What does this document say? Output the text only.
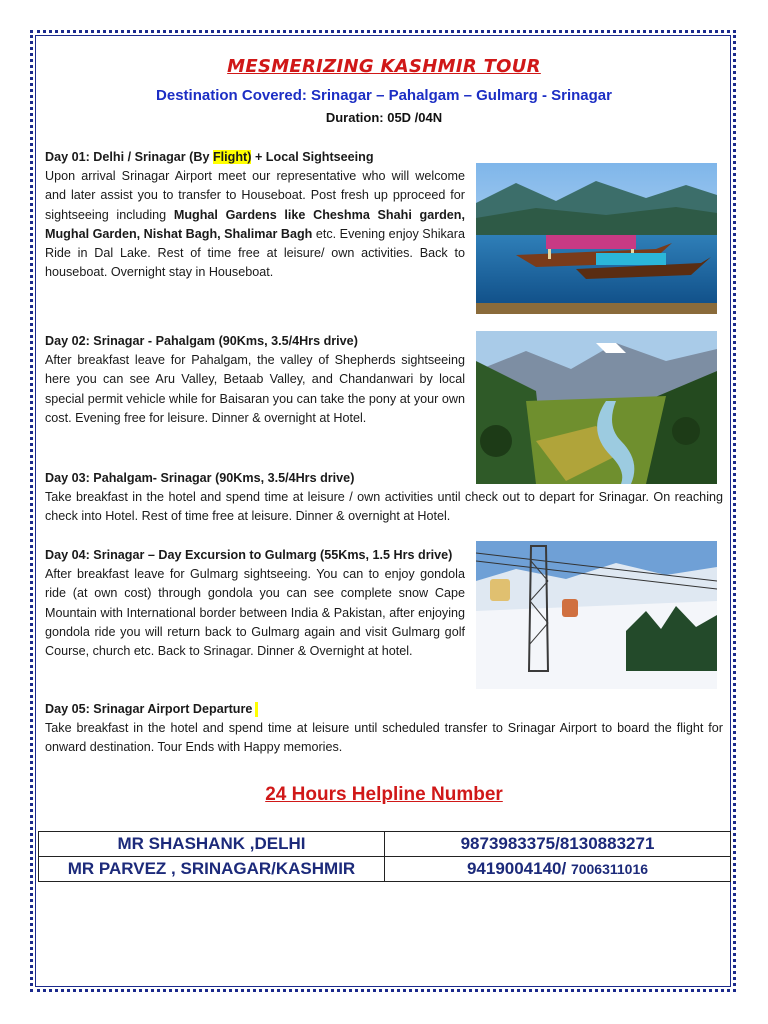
MESMERIZING KASHMIR TOUR
Destination Covered: Srinagar – Pahalgam – Gulmarg - Srinagar
Duration: 05D /04N
Day 01: Delhi / Srinagar (By Flight) + Local Sightseeing
Upon arrival Srinagar Airport meet our representative who will welcome and later assist you to transfer to Houseboat. Post fresh up pproceed for sightseeing including Mughal Gardens like Cheshma Shahi garden, Mughal Garden, Nishat Bagh, Shalimar Bagh etc. Evening enjoy Shikara Ride in Dal Lake. Rest of time free at leisure/ own activities. Back to houseboat. Overnight stay in Houseboat.
Day 02: Srinagar - Pahalgam (90Kms, 3.5/4Hrs drive)
After breakfast leave for Pahalgam, the valley of Shepherds sightseeing here you can see Aru Valley, Betaab Valley, and Chandanwari by local special permit vehicle while for Baisaran you can take the pony at your own cost. Evening free for leisure. Dinner & overnight at Hotel.
Day 03: Pahalgam- Srinagar (90Kms, 3.5/4Hrs drive)
Take breakfast in the hotel and spend time at leisure / own activities until check out to depart for Srinagar. On reaching check into Hotel. Rest of time free at leisure. Dinner & overnight at Hotel.
Day 04: Srinagar – Day Excursion to Gulmarg (55Kms, 1.5 Hrs drive)
After breakfast leave for Gulmarg sightseeing. You can to enjoy gondola ride (at own cost) through gondola you can see complete snow Cape Mountain with International border between India & Pakistan, after enjoying gondola ride you will return back to Gulmarg again and visit Gulmarg golf Course, church etc. Back to Srinagar. Dinner & Overnight at hotel.
Day 05: Srinagar Airport Departure
Take breakfast in the hotel and spend time at leisure until scheduled transfer to Srinagar Airport to board the flight for onward destination. Tour Ends with Happy memories.
24 Hours Helpline Number
MR SHASHANK ,DELHI	9873983375/8130883271
MR PARVEZ , SRINAGAR/KASHMIR	9419004140/ 7006311016
